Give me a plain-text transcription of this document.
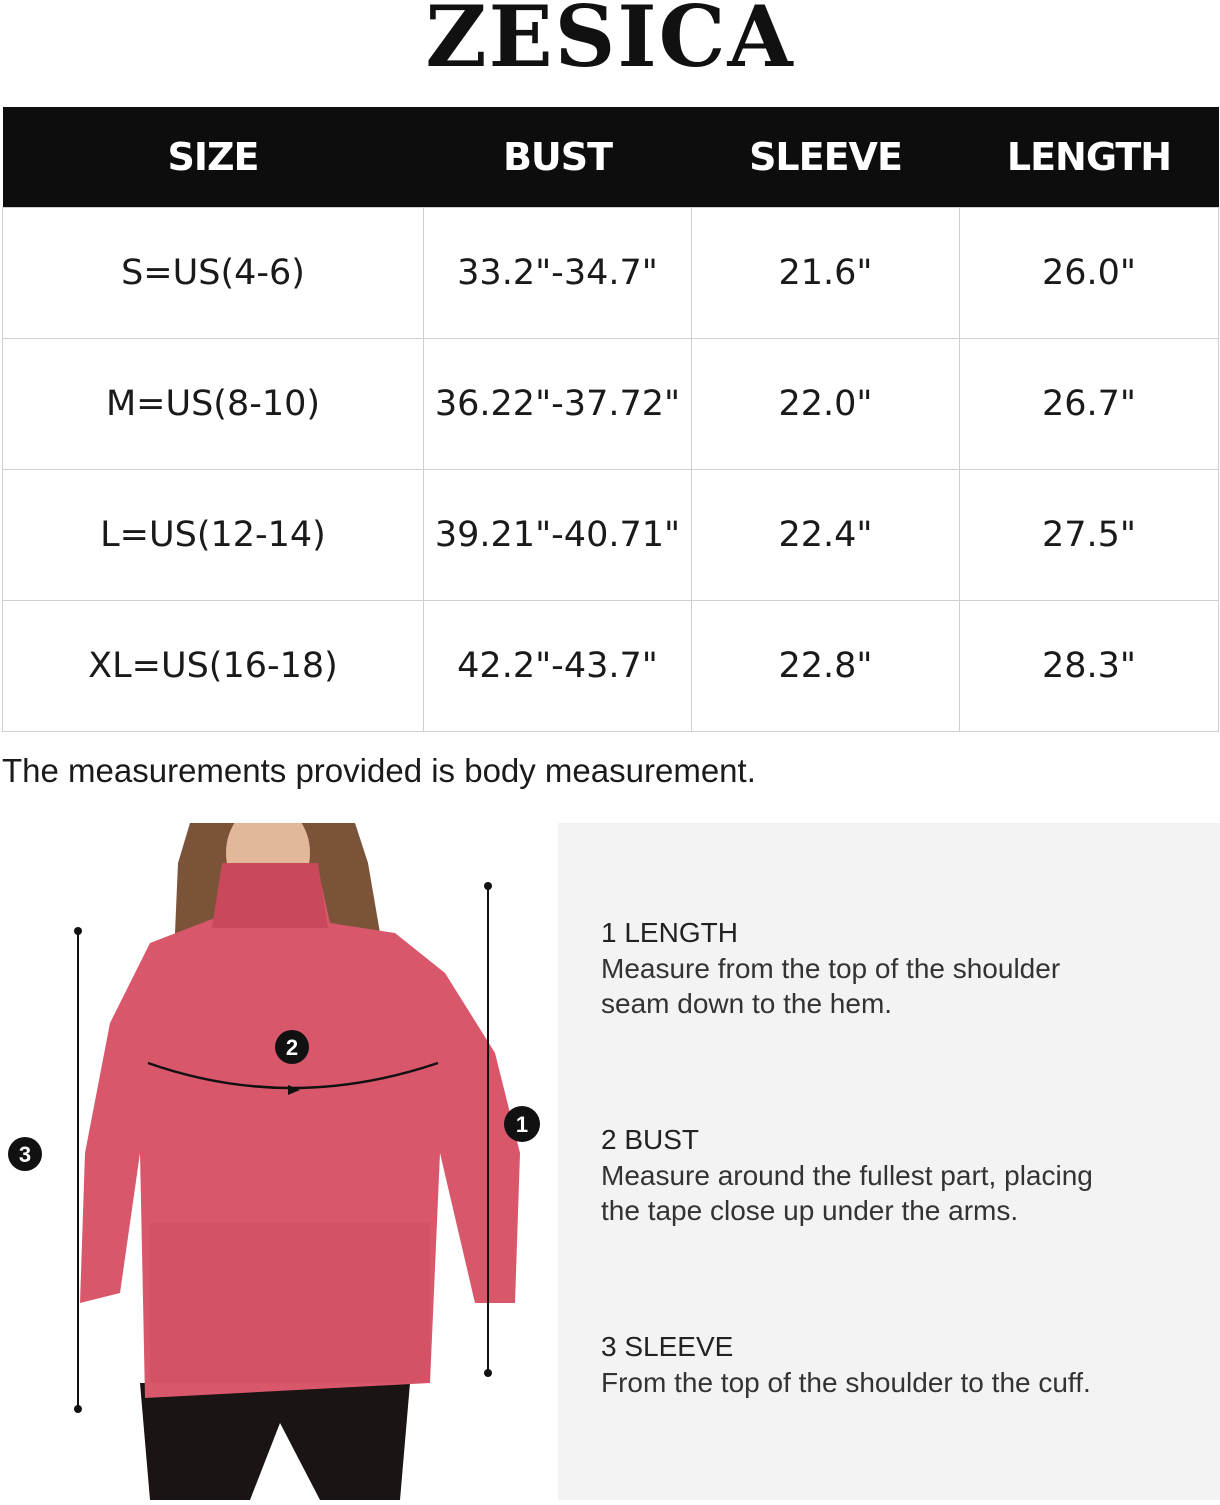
ZESICA
SIZE	BUST	SLEEVE	LENGTH
S=US(4-6)	33.2"-34.7"	21.6"	26.0"
M=US(8-10)	36.22"-37.72"	22.0"	26.7"
L=US(12-14)	39.21"-40.71"	22.4"	27.5"
XL=US(16-18)	42.2"-43.7"	22.8"	28.3"
The measurements provided is body measurement.
2
1
3
1 LENGTH
Measure from the top of the shoulder
seam down to the hem.
2 BUST
Measure around the fullest part, placing
the tape close up under the arms.
3 SLEEVE
From the top of the shoulder to the cuff.
